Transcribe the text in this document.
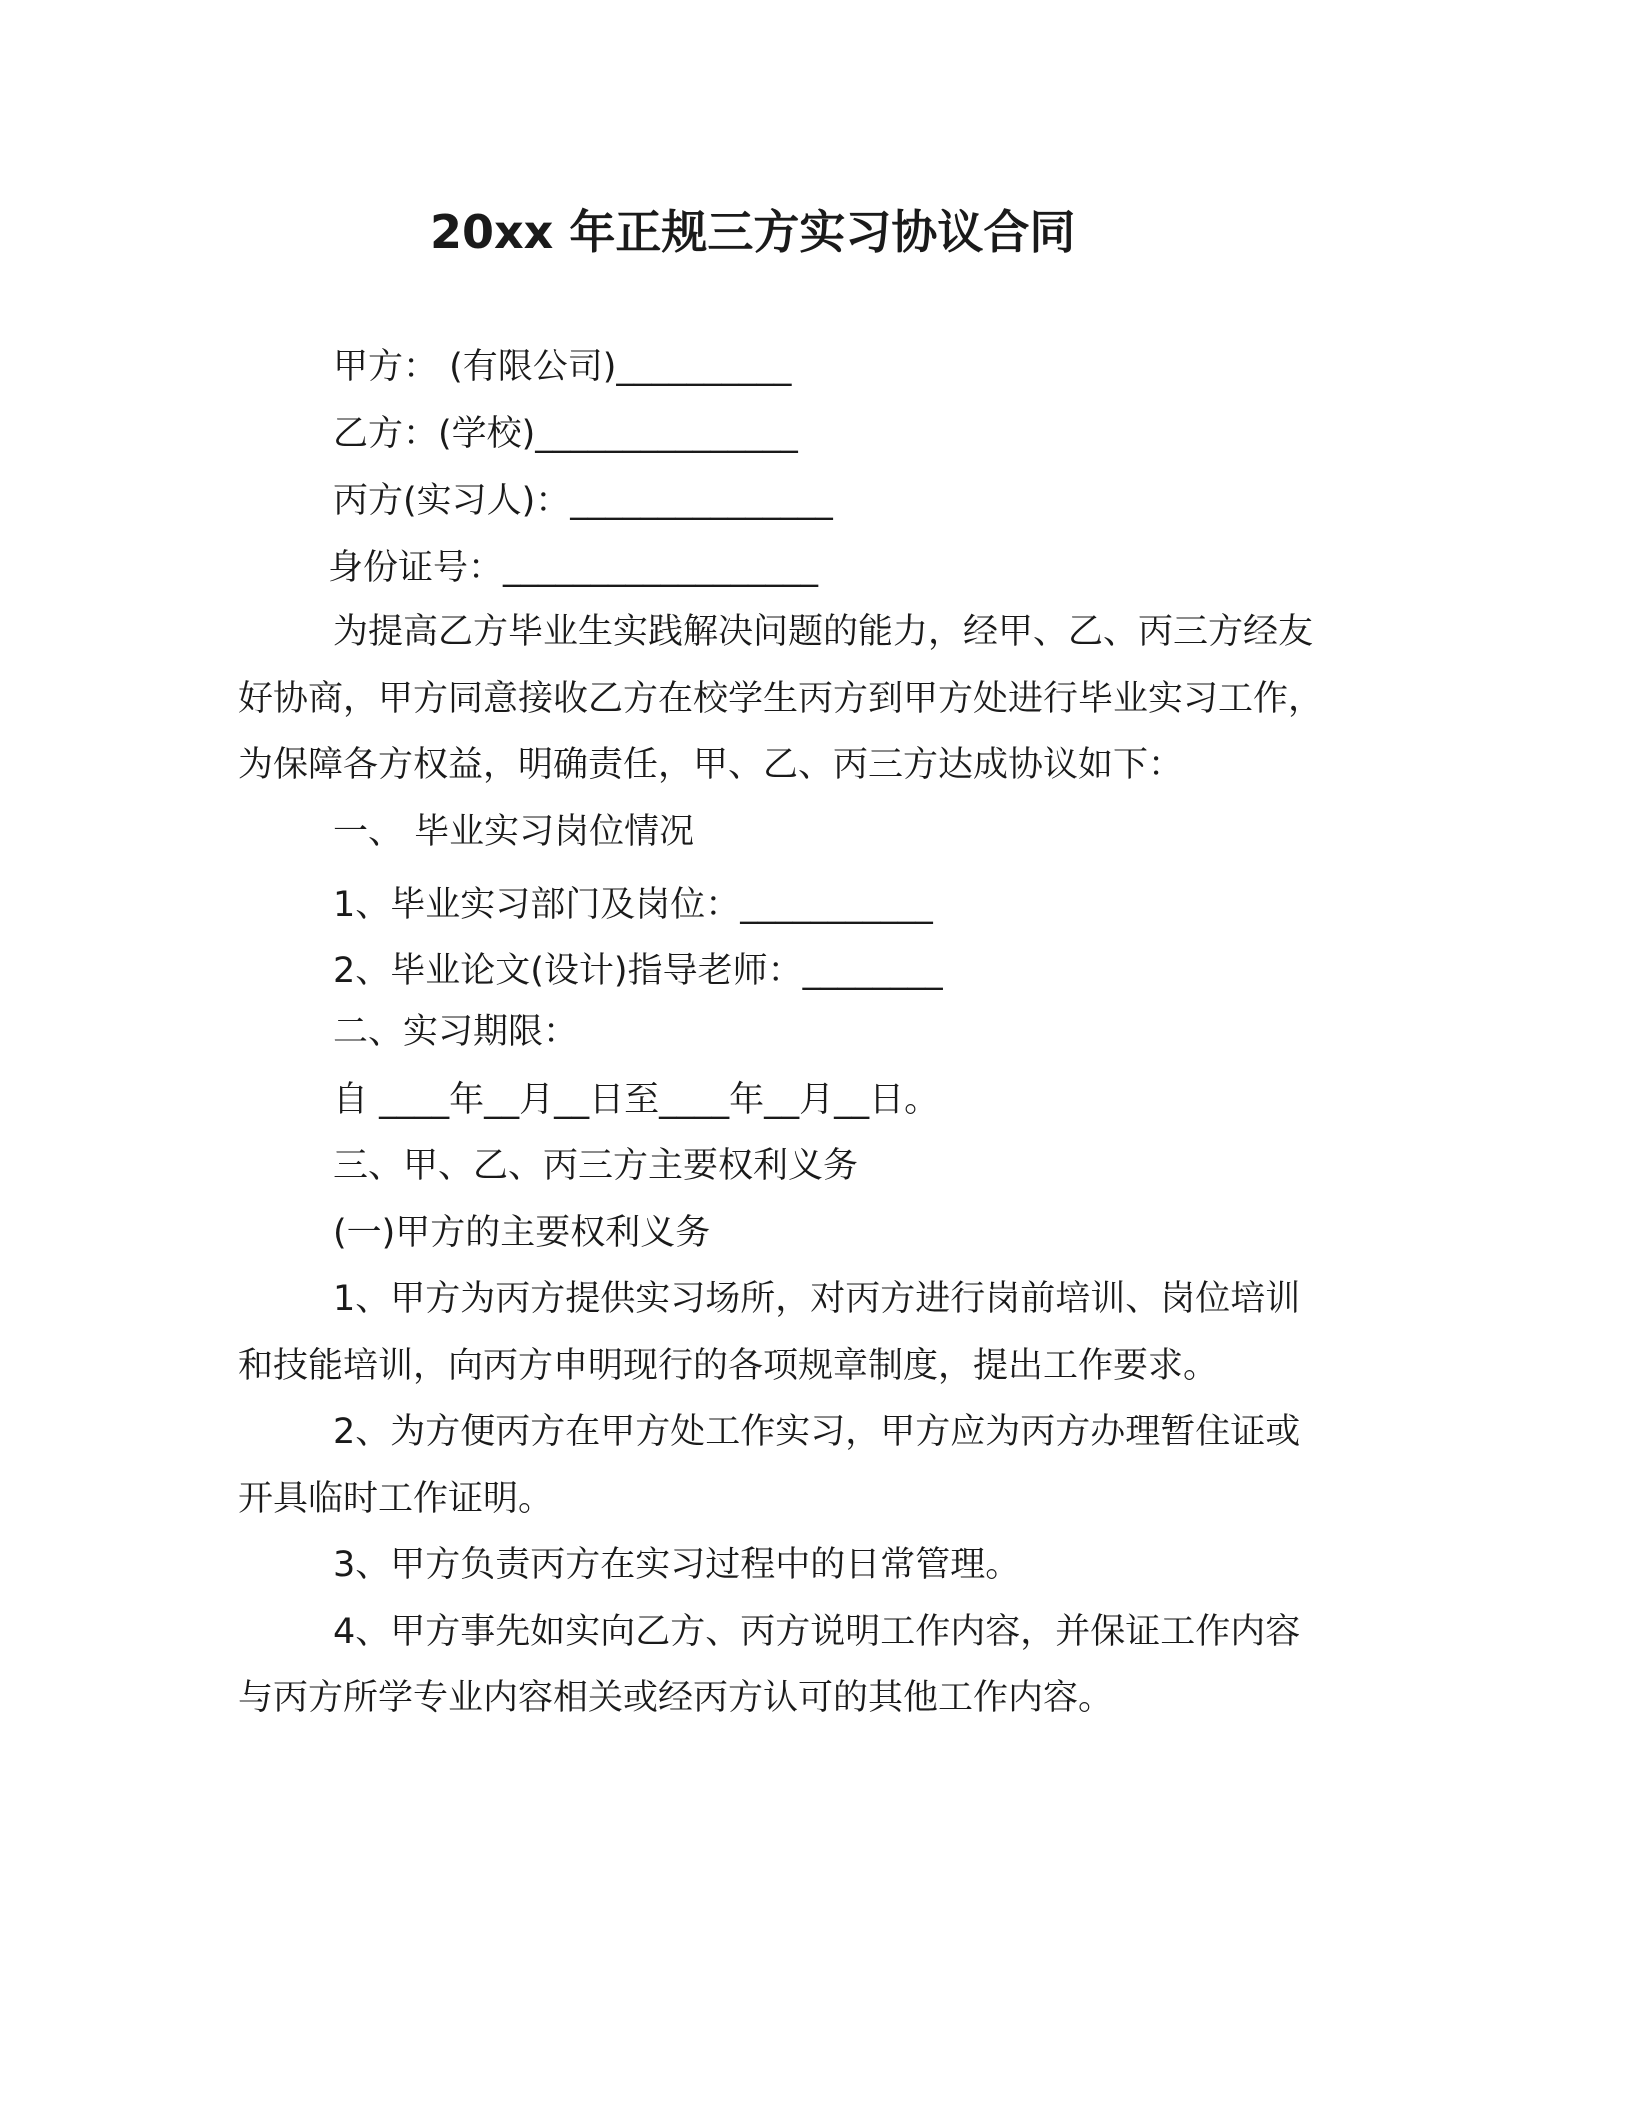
20xx 年正规三方实习协议合同
甲方： (有限公司)__________
乙方：(学校)_______________
丙方(实习人)：_______________
身份证号：__________________
为提高乙方毕业生实践解决问题的能力，经甲、乙、丙三方经友
好协商，甲方同意接收乙方在校学生丙方到甲方处进行毕业实习工作，
为保障各方权益，明确责任，甲、乙、丙三方达成协议如下：
一、 毕业实习岗位情况
1、毕业实习部门及岗位：___________
2、毕业论文(设计)指导老师：________
二、实习期限：
自 ____年__月__日至____年__月__日。
三、甲、乙、丙三方主要权利义务
(一)甲方的主要权利义务
1、甲方为丙方提供实习场所，对丙方进行岗前培训、岗位培训
和技能培训，向丙方申明现行的各项规章制度，提出工作要求。
2、为方便丙方在甲方处工作实习，甲方应为丙方办理暂住证或
开具临时工作证明。
3、甲方负责丙方在实习过程中的日常管理。
4、甲方事先如实向乙方、丙方说明工作内容，并保证工作内容
与丙方所学专业内容相关或经丙方认可的其他工作内容。
